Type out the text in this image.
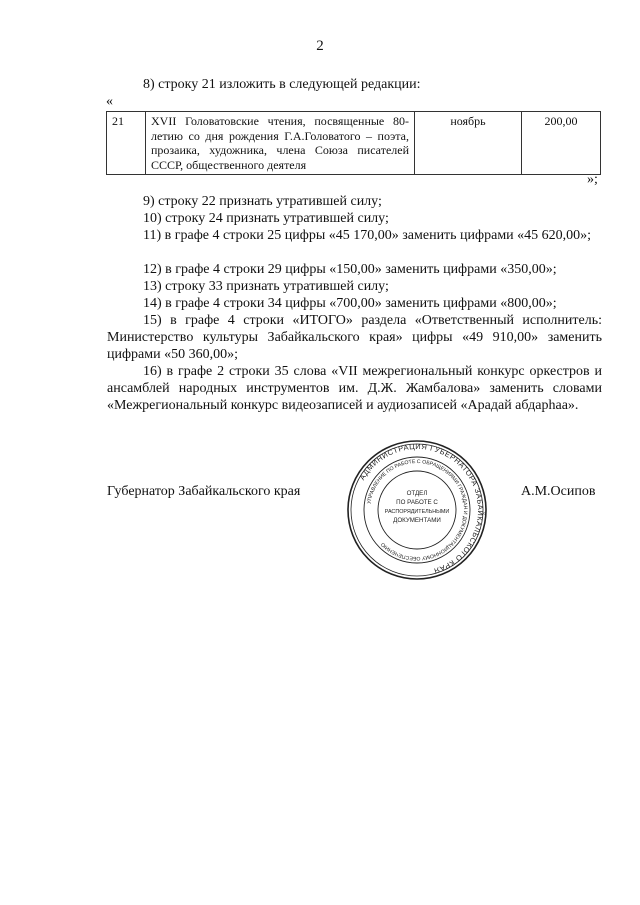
2
8) строку 21 изложить в следующей редакции:
«
21	XVII Головатовские чтения, посвященные 80-летию со дня рождения Г.А.Головатого – поэта, прозаика, художника, члена Союза писателей СССР, общественного деятеля	ноябрь	200,00
»;
9) строку 22 признать утратившей силу;
10) строку 24 признать утратившей силу;
11) в графе 4 строки 25 цифры «45 170,00» заменить цифрами «45 620,00»;
12) в графе 4 строки 29 цифры «150,00» заменить цифрами «350,00»;
13) строку 33 признать утратившей силу;
14) в графе 4 строки 34 цифры «700,00» заменить цифрами «800,00»;
15) в графе 4 строки «ИТОГО» раздела «Ответственный исполнитель: Министерство культуры Забайкальского края» цифры «49 910,00» заменить цифрами «50 360,00»;
16) в графе 2 строки 35 слова «VII межрегиональный конкурс оркестров и ансамблей народных инструментов им. Д.Ж. Жамбалова» заменить словами «Межрегиональный конкурс видеозаписей и аудиозаписей «Арадай абдарһаа».
Губернатор Забайкальского края	А.М.Осипов
АДМИНИСТРАЦИЯ ГУБЕРНАТОРА ЗАБАЙКАЛЬСКОГО КРАЯ
УПРАВЛЕНИЕ ПО РАБОТЕ С ОБРАЩЕНИЯМИ ГРАЖДАН И ДОКУМЕНТАЦИОННОМУ ОБЕСПЕЧЕНИЮ
ОТДЕЛ
ПО РАБОТЕ С
РАСПОРЯДИТЕЛЬНЫМИ
ДОКУМЕНТАМИ
